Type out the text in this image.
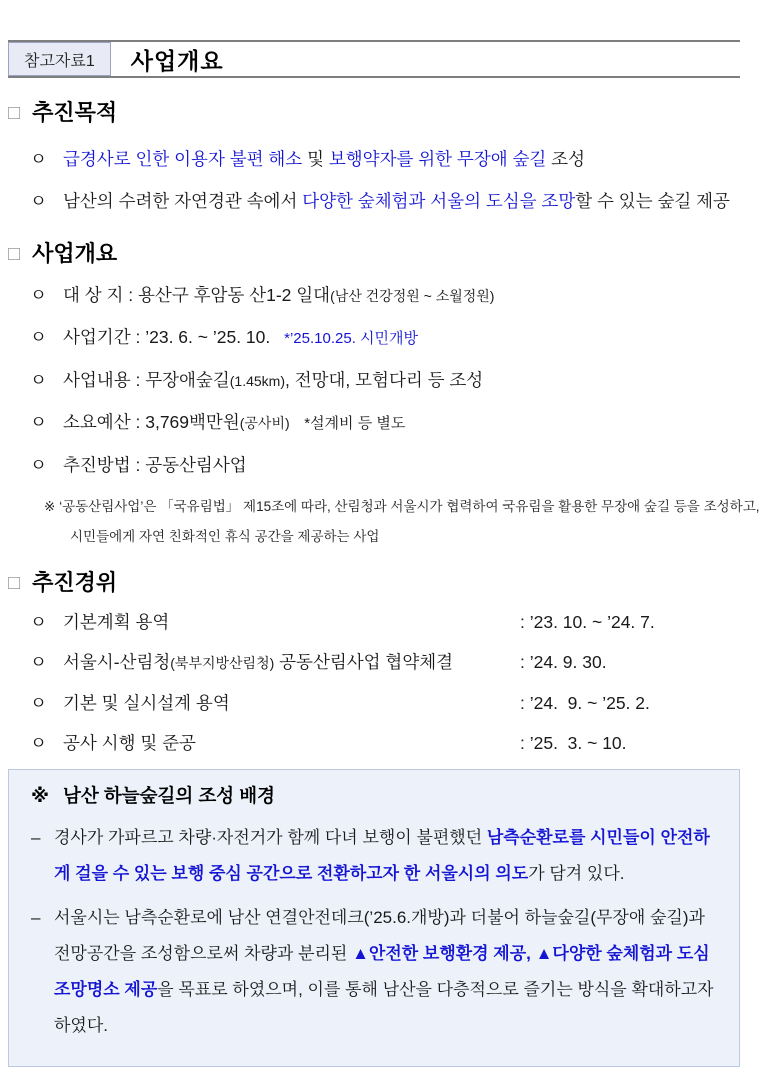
참고자료1	사업개요
□ 추진목적
ㅇ 급경사로 인한 이용자 불편 해소 및 보행약자를 위한 무장애 숲길 조성
ㅇ 남산의 수려한 자연경관 속에서 다양한 숲체험과 서울의 도심을 조망할 수 있는 숲길 제공
□ 사업개요
ㅇ 대 상 지 : 용산구 후암동 산1-2 일대(남산 건강정원 ~ 소월정원)
ㅇ 사업기간 : ’23. 6. ~ ’25. 10.   *’25.10.25. 시민개방
ㅇ 사업내용 : 무장애숲길(1.45km), 전망대, 모험다리 등 조성
ㅇ 소요예산 : 3,769백만원(공사비) *설계비 등 별도
ㅇ 추진방법 : 공동산림사업
※ ‘공동산림사업’은 「국유림법」 제15조에 따라, 산림청과 서울시가 협력하여 국유림을 활용한 무장애 숲길 등을 조성하고, 시민들에게 자연 친화적인 휴식 공간을 제공하는 사업
□ 추진경위
ㅇ 기본계획 용역	: ’23. 10. ~ ’24. 7.
ㅇ 서울시-산림청(북부지방산림청) 공동산림사업 협약체결	: ’24. 9. 30.
ㅇ 기본 및 실시설계 용역	: ’24.  9. ~ ’25. 2.
ㅇ 공사 시행 및 준공	: ’25.  3. ~ 10.
※ 남산 하늘숲길의 조성 배경
– 경사가 가파르고 차량·자전거가 함께 다녀 보행이 불편했던 남측순환로를 시민들이 안전하게 걸을 수 있는 보행 중심 공간으로 전환하고자 한 서울시의 의도가 담겨 있다.
– 서울시는 남측순환로에 남산 연결안전데크(’25.6.개방)과 더불어 하늘숲길(무장애 숲길)과 전망공간을 조성함으로써 차량과 분리된 ▲안전한 보행환경 제공, ▲다양한 숲체험과 도심 조망명소 제공을 목표로 하였으며, 이를 통해 남산을 다층적으로 즐기는 방식을 확대하고자 하였다.
